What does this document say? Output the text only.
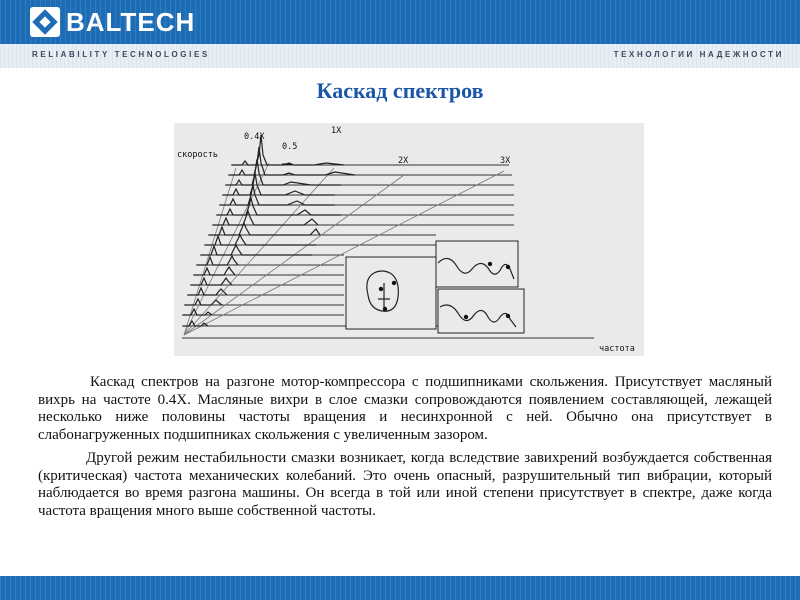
BALTECH
RELIABILITY TECHNOLOGIES	ТЕХНОЛОГИИ НАДЕЖНОСТИ
Каскад спектров
скорость
частота
0.4X
0.5
1X
2X	3X

Каскад спектров на разгоне мотор-компрессора с подшипниками скольжения. Присутствует масляный вихрь на частоте 0.4X. Масляные вихри в слое смазки сопровождаются появлением составляющей, лежащей несколько ниже половины частоты вращения и несинхронной с ней. Обычно она присутствует в слабонагруженных подшипниках скольжения с увеличенным зазором.

Другой режим нестабильности смазки возникает, когда вследствие завихрений возбуждается собственная (критическая) частота механических колебаний. Это очень опасный, разрушительный тип вибрации, который наблюдается во время разгона машины. Он всегда в той или иной степени присутствует в спектре, даже когда частота вращения много выше собственной частоты.
